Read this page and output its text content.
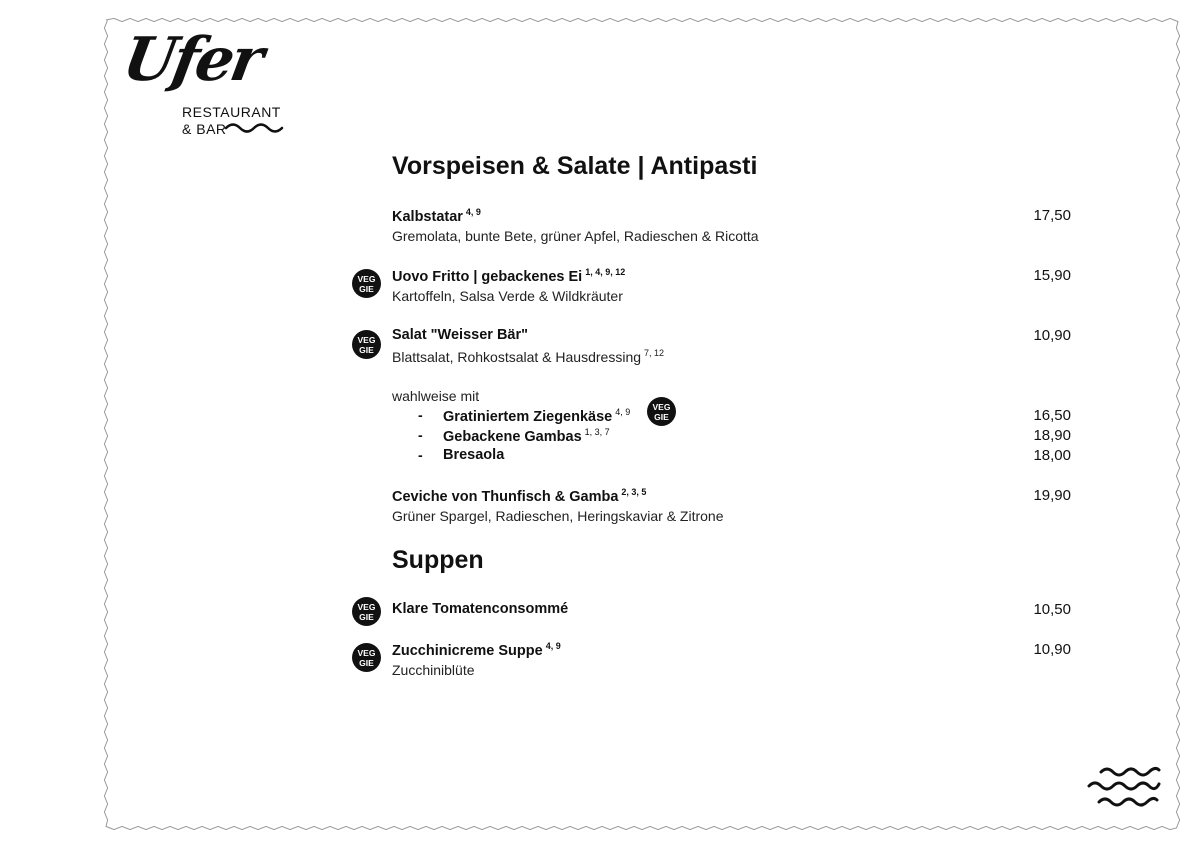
Ufer
RESTAURANT
& BAR
Vorspeisen & Salate | Antipasti
Kalbstatar $^{4, 9}$
Gremolata, bunte Bete, grüner Apfel, Radieschen & Ricotta
17,50
VEG
GIE
Uovo Fritto | gebackenes Ei $^{1, 4, 9, 12}$
Kartoffeln, Salsa Verde & Wildkräuter
15,90
VEG
GIE
Salat "Weisser Bär"
Blattsalat, Rohkostsalat & Hausdressing $^{7, 12}$
10,90
wahlweise mit
- Gratiniertem Ziegenkäse $^{4, 9}$
VEG
GIE	16,50
- Gebackene Gambas $^{1, 3, 7}$	18,90
- Bresaola	18,00
Ceviche von Thunfisch & Gamba $^{2, 3, 5}$
Grüner Spargel, Radieschen, Heringskaviar & Zitrone
19,90
Suppen
VEG
GIE Klare Tomatenconsommé	10,50
VEG
GIE
Zucchinicreme Suppe $^{4, 9}$
Zucchiniblüte
10,90
